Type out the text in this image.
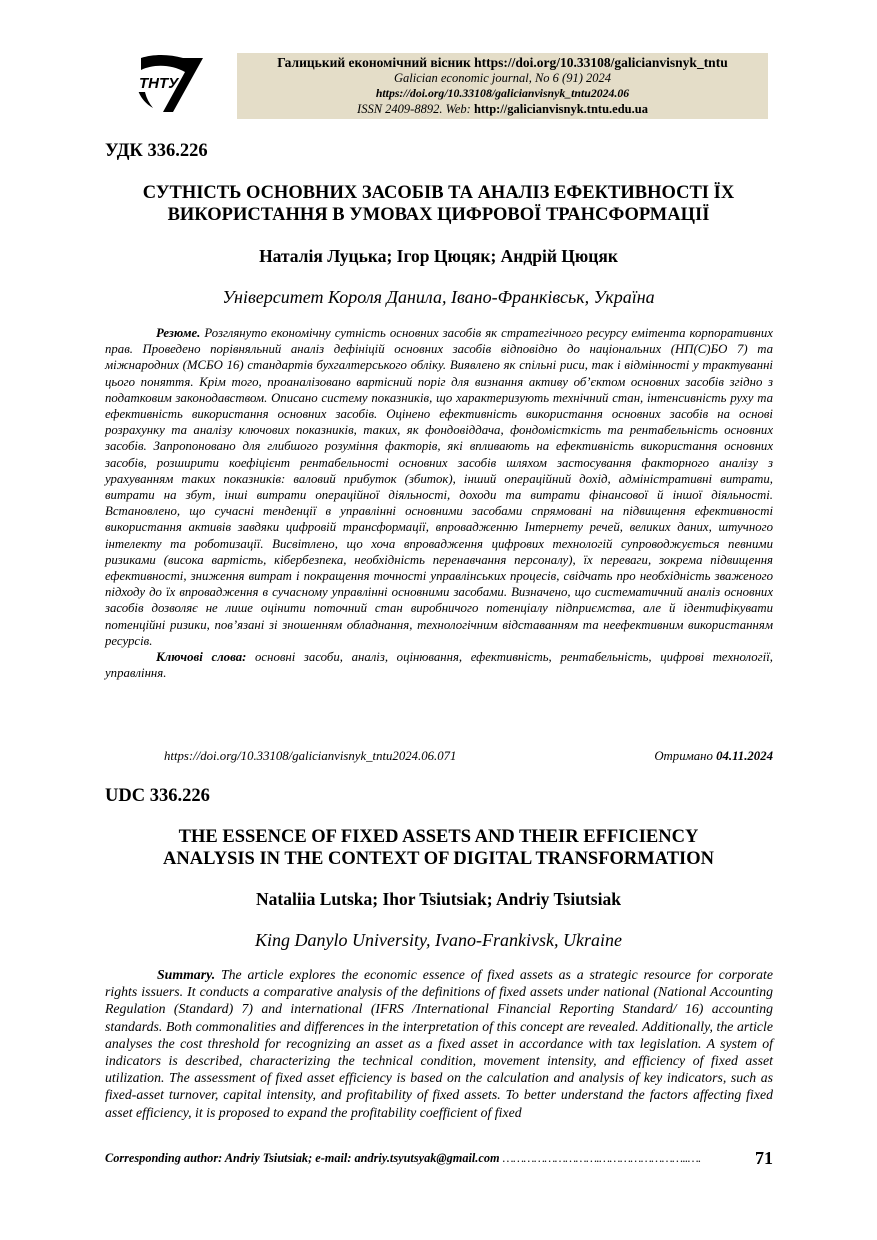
ТНТУ
Галицький економічний вісник https://doi.org/10.33108/galicianvisnyk_tntu
Galician economic journal, No 6 (91) 2024
https://doi.org/10.33108/galicianvisnyk_tntu2024.06
ISSN 2409-8892. Web: http://galicianvisnyk.tntu.edu.ua
УДК 336.226
СУТНІСТЬ ОСНОВНИХ ЗАСОБІВ ТА АНАЛІЗ ЕФЕКТИВНОСТІ ЇХ
ВИКОРИСТАННЯ В УМОВАХ ЦИФРОВОЇ ТРАНСФОРМАЦІЇ
Наталія Луцька; Ігор Цюцяк; Андрій Цюцяк
Університет Короля Данила, Івано-Франківськ, Україна

Резюме. Розглянуто економічну сутність основних засобів як стратегічного ресурсу емітента корпоративних прав. Проведено порівняльний аналіз дефініцій основних засобів відповідно до національних (НП(С)БО 7) та міжнародних (МСБО 16) стандартів бухгалтерського обліку. Виявлено як спільні риси, так і відмінності у трактуванні цього поняття. Крім того, проаналізовано вартісний поріг для визнання активу об’єктом основних засобів згідно з податковим законодавством. Описано систему показників, що характеризують технічний стан, інтенсивність руху та ефективність використання основних засобів. Оцінено ефективність використання основних засобів на основі розрахунку та аналізу ключових показників, таких, як фондовіддача, фондомісткість та рентабельність основних засобів. Запропоновано для глибшого розуміння факторів, які впливають на ефективність використання основних засобів, розширити коефіцієнт рентабельності основних засобів шляхом застосування факторного аналізу з урахуванням таких показників: валовий прибуток (збиток), інший операційний дохід, адміністративні витрати, витрати на збут, інші витрати операційної діяльності, доходи та витрати фінансової й іншої діяльності. Встановлено, що сучасні тенденції в управлінні основними засобами спрямовані на підвищення ефективності використання активів завдяки цифровій трансформації, впровадженню Інтернету речей, великих даних, штучного інтелекту та роботизації. Висвітлено, що хоча впровадження цифрових технологій супроводжується певними ризиками (висока вартість, кібербезпека, необхідність перенавчання персоналу), їх переваги, зокрема підвищення ефективності, зниження витрат і покращення точності управлінських процесів, свідчать про необхідність зваженого підходу до їх впровадження в сучасному управлінні основними засобами. Визначено, що систематичний аналіз основних засобів дозволяє не лише оцінити поточний стан виробничого потенціалу підприємства, але й ідентифікувати потенційні ризики, пов’язані зі зношенням обладнання, технологічним відставанням та неефективним використанням ресурсів.

Ключові слова: основні засоби, аналіз, оцінювання, ефективність, рентабельність, цифрові технології, управління.

https://doi.org/10.33108/galicianvisnyk_tntu2024.06.071	Отримано 04.11.2024
UDC 336.226
THE ESSENCE OF FIXED ASSETS AND THEIR EFFICIENCY
ANALYSIS IN THE CONTEXT OF DIGITAL TRANSFORMATION
Nataliia Lutska; Ihor Tsiutsiak; Andriy Tsiutsiak
King Danylo University, Ivano-Frankivsk, Ukraine

Summary. The article explores the economic essence of fixed assets as a strategic resource for corporate rights issuers. It conducts a comparative analysis of the definitions of fixed assets under national (National Accounting Regulation (Standard) 7) and international (IFRS /International Financial Reporting Standard/ 16) accounting standards. Both commonalities and differences in the interpretation of this concept are revealed. Additionally, the article analyses the cost threshold for recognizing an asset as a fixed asset in accordance with tax legislation. A system of indicators is described, characterizing the technical condition, movement intensity, and efficiency of fixed asset utilization. The assessment of fixed asset efficiency is based on the calculation and analysis of key indicators, such as fixed-asset turnover, capital intensity, and profitability of fixed assets. To better understand the factors affecting fixed asset efficiency, it is proposed to expand the profitability coefficient of fixed

Corresponding author: Andriy Tsiutsiak; e-mail: andriy.tsyutsyak@gmail.com ……………………….……………………..….	71
